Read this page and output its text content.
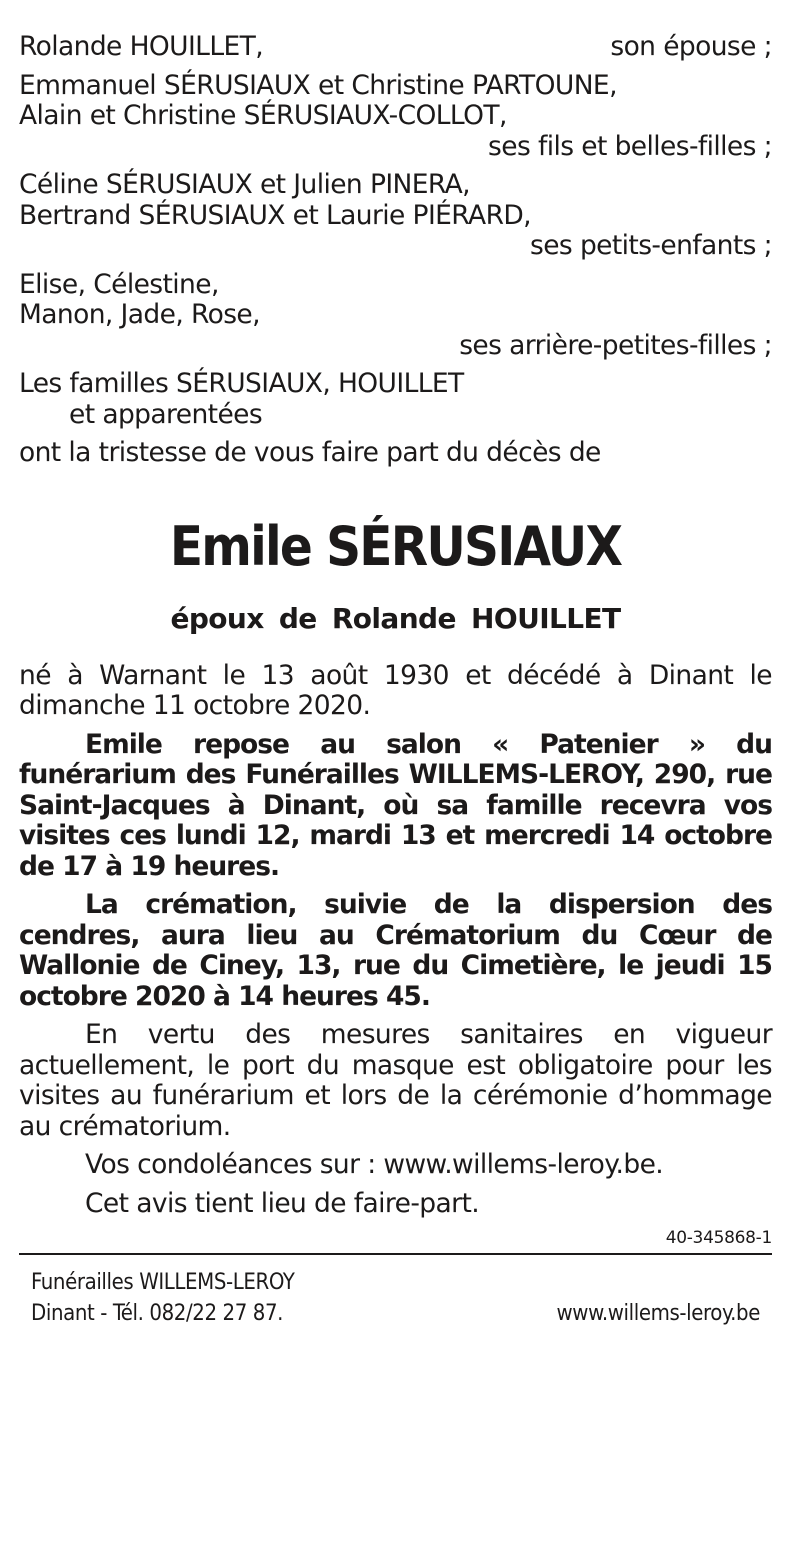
Rolande HOUILLET,	son épouse ;
Emmanuel SÉRUSIAUX et Christine PARTOUNE,
Alain et Christine SÉRUSIAUX-COLLOT,
ses fils et belles-filles ;
Céline SÉRUSIAUX et Julien PINERA,
Bertrand SÉRUSIAUX et Laurie PIÉRARD,
ses petits-enfants ;
Elise, Célestine,
Manon, Jade, Rose,
ses arrière-petites-filles ;
Les familles SÉRUSIAUX, HOUILLET
et apparentées
ont la tristesse de vous faire part du décès de
Emile SÉRUSIAUX
époux de Rolande HOUILLET
né à Warnant le 13 août 1930 et décédé à Dinant le dimanche 11 octobre 2020.
Emile repose au salon « Patenier » du funérarium des Funérailles WILLEMS-LEROY, 290, rue Saint-Jacques à Dinant, où sa famille recevra vos visites ces lundi 12, mardi 13 et mercredi 14 octobre de 17 à 19 heures.
La crémation, suivie de la dispersion des cendres, aura lieu au Crématorium du Cœur de Wallonie de Ciney, 13, rue du Cimetière, le jeudi 15 octobre 2020 à 14 heures 45.
En vertu des mesures sanitaires en vigueur actuellement, le port du masque est obligatoire pour les visites au funérarium et lors de la cérémonie d’hommage au crématorium.
Vos condoléances sur : www.willems-leroy.be.
Cet avis tient lieu de faire-part.
40-345868-1
Funérailles WILLEMS-LEROY
Dinant - Tél. 082/22 27 87.	www.willems-leroy.be
